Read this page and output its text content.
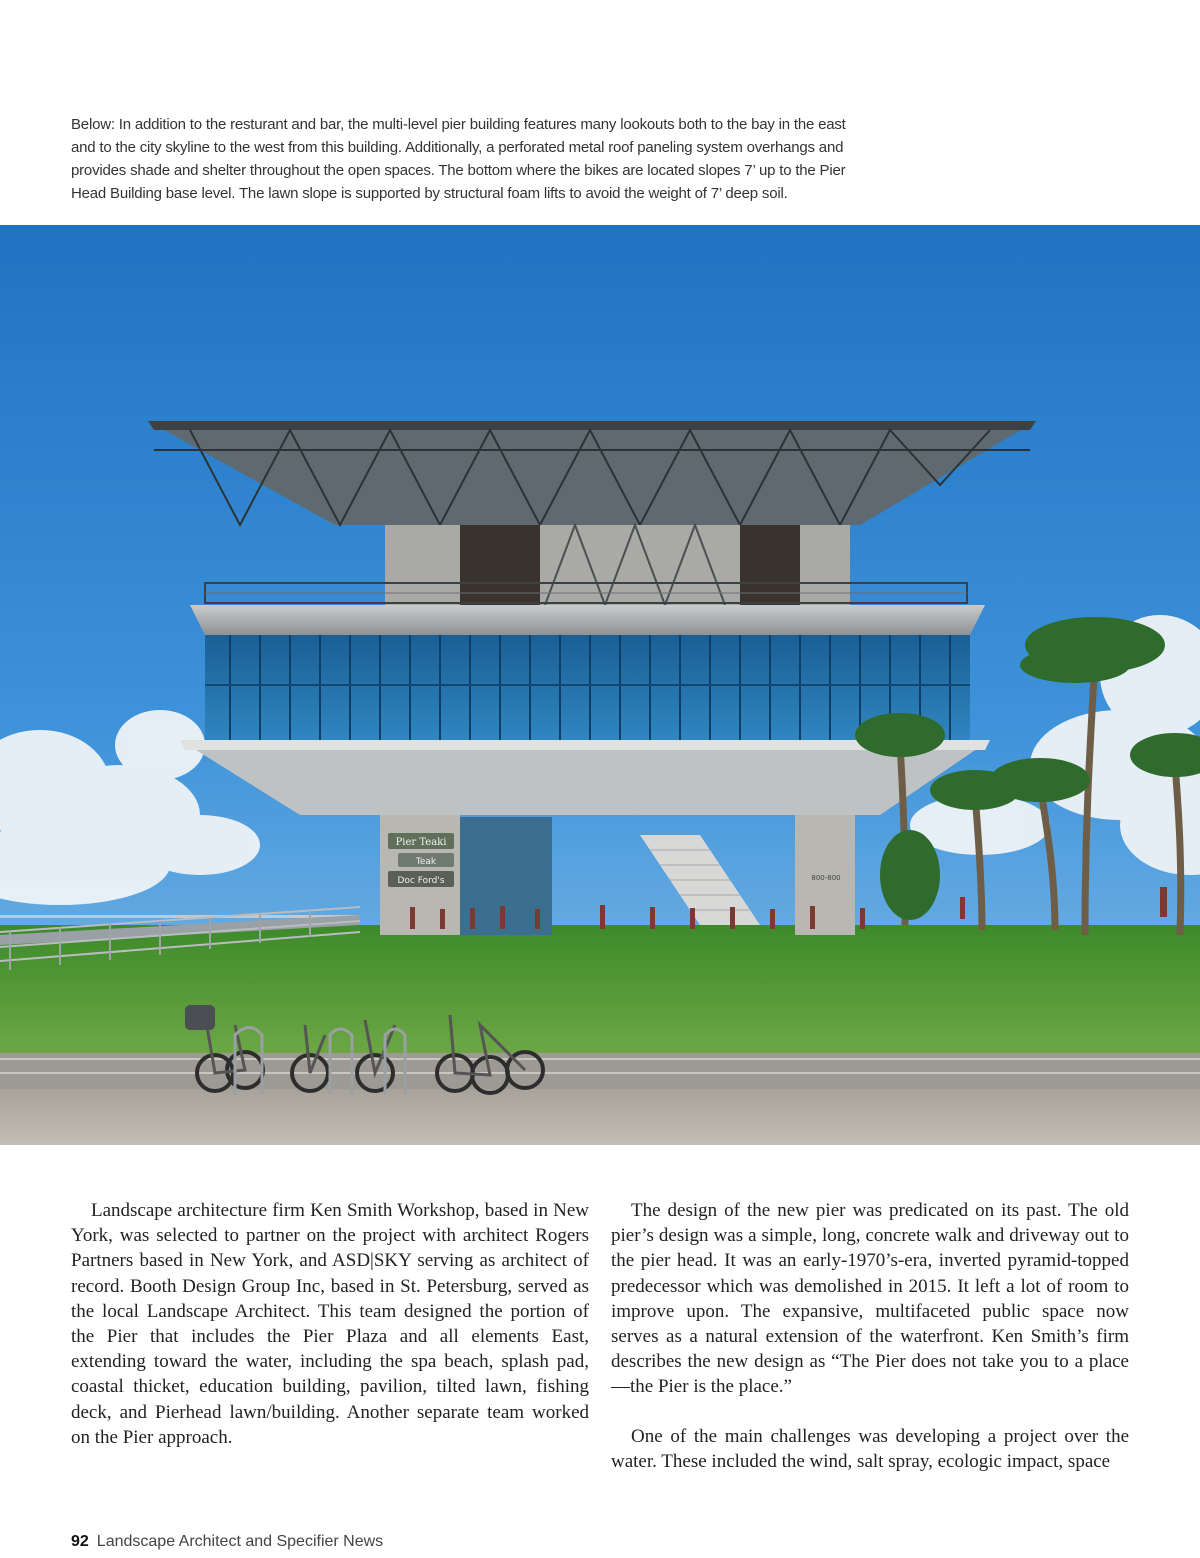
Below: In addition to the resturant and bar, the multi-level pier building features many lookouts both to the bay in the east and to the city skyline to the west from this building. Additionally, a perforated metal roof paneling system overhangs and provides shade and shelter throughout the open spaces. The bottom where the bikes are located slopes 7’ up to the Pier Head Building base level. The lawn slope is supported by structural foam lifts to avoid the weight of 7’ deep soil.

Pier Teaki
Teak
Doc Ford's	800-800

Landscape architecture firm Ken Smith Workshop, based in New York, was selected to partner on the project with architect Rogers Partners based in New York, and ASD|SKY serving as architect of record. Booth Design Group Inc, based in St. Petersburg, served as the local Landscape Architect. This team designed the portion of the Pier that includes the Pier Plaza and all elements East, extending toward the water, including the spa beach, splash pad, coastal thicket, education building, pavilion, tilted lawn, fishing deck, and Pierhead lawn/building. Another separate team worked on the Pier approach.

The design of the new pier was predicated on its past. The old pier’s design was a simple, long, concrete walk and driveway out to the pier head. It was an early-1970’s-era, inverted pyramid-topped predecessor which was demolished in 2015. It left a lot of room to improve upon. The expansive, multifaceted public space now serves as a natural extension of the waterfront. Ken Smith’s firm describes the new design as “The Pier does not take you to a place—the Pier is the place.”

One of the main challenges was developing a project over the water. These included the wind, salt spray, ecologic impact, space

92 Landscape Architect and Specifier News
